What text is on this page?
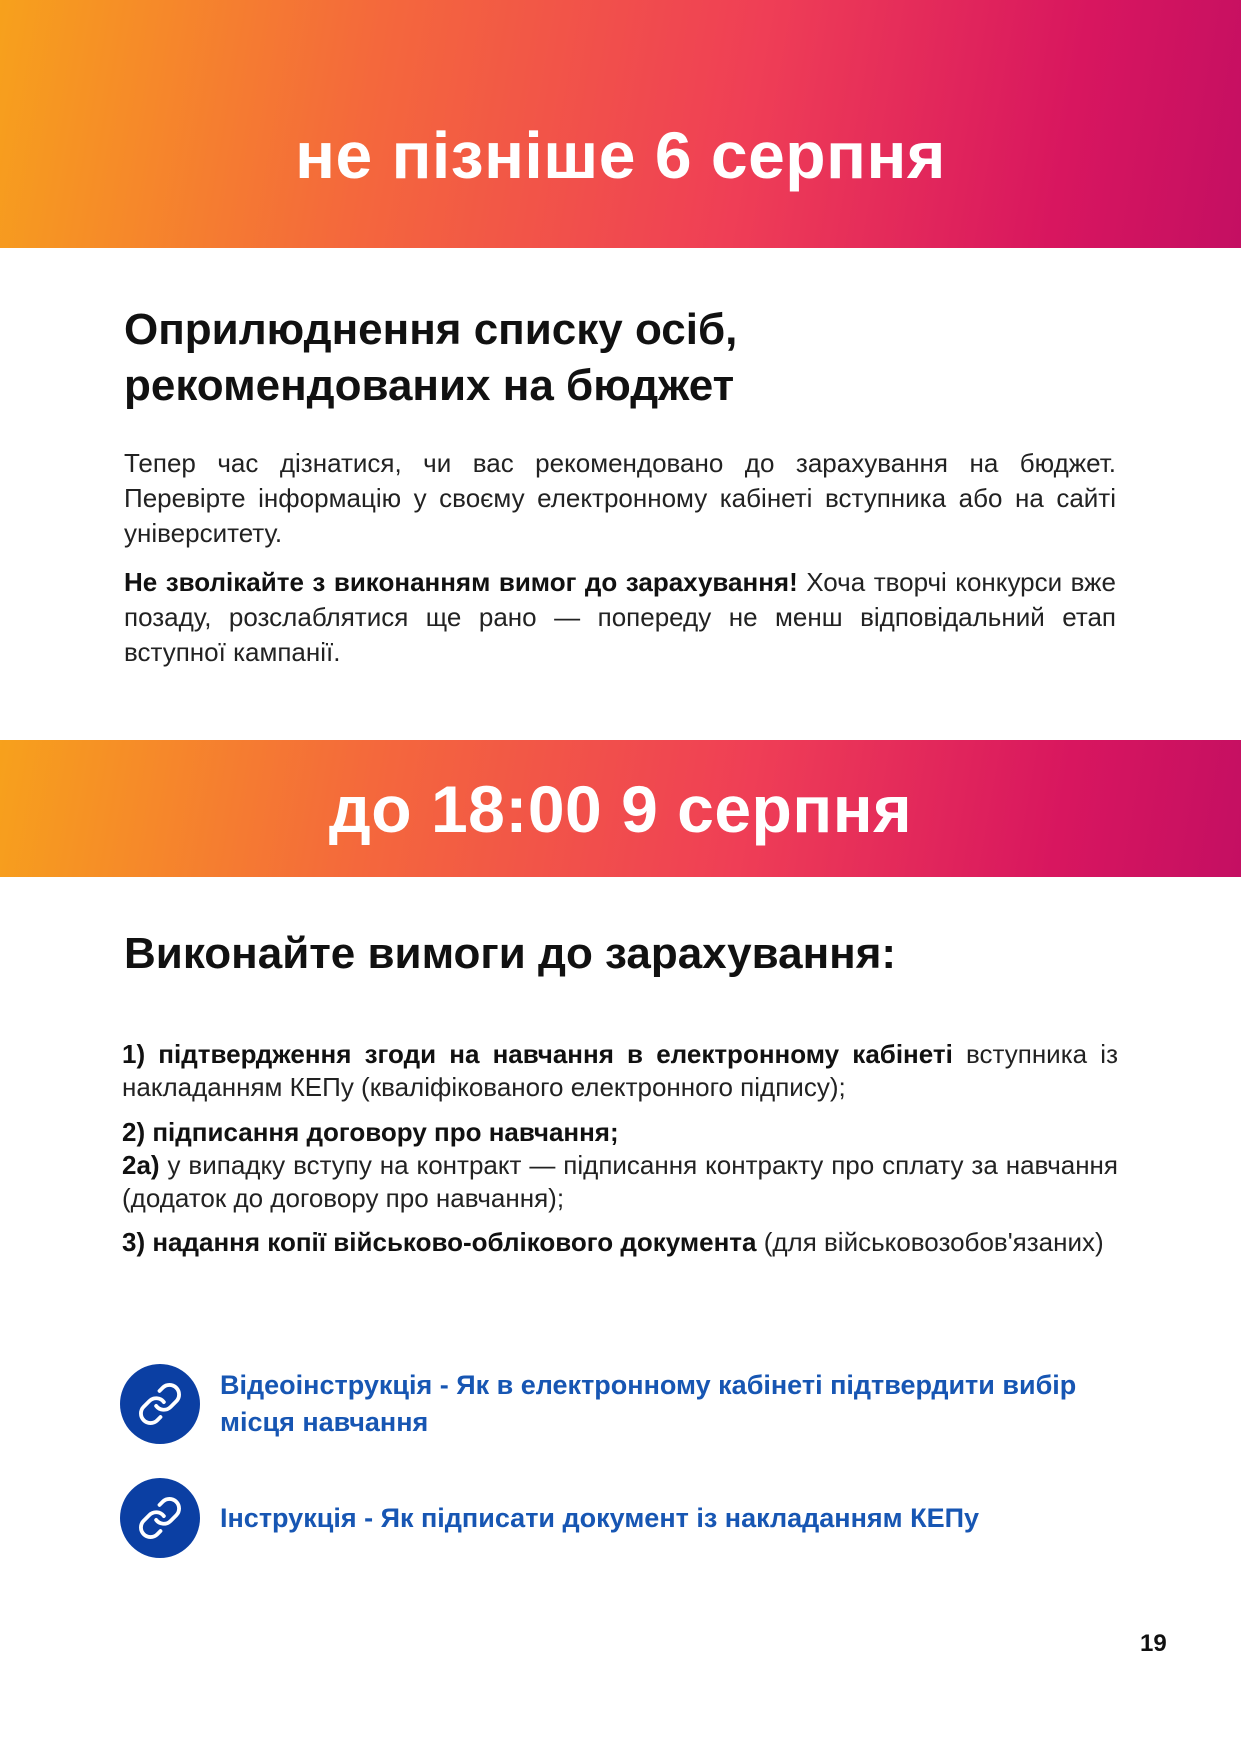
не пізніше 6 серпня
Оприлюднення списку осіб,
рекомендованих на бюджет

Тепер час дізнатися, чи вас рекомендовано до зарахування на бюджет. Перевірте інформацію у своєму електронному кабінеті вступника або на сайті університету.

Не зволікайте з виконанням вимог до зарахування! Хоча творчі конкурси вже позаду, розслаблятися ще рано — попереду не менш відповідальний етап вступної кампанії.

до 18:00 9 серпня
Виконайте вимоги до зарахування:

1) підтвердження згоди на навчання в електронному кабінеті вступника із накладанням КЕПу (кваліфікованого електронного підпису);

2) підписання договору про навчання;
2а) у випадку вступу на контракт — підписання контракту про сплату за навчання (додаток до договору про навчання);

3) надання копії військово-облікового документа (для військовозобов'язаних)

Відеоінструкція - Як в електронному кабінеті підтвердити вибір місця навчання
Інструкція - Як підписати документ із накладанням КЕПу
19
